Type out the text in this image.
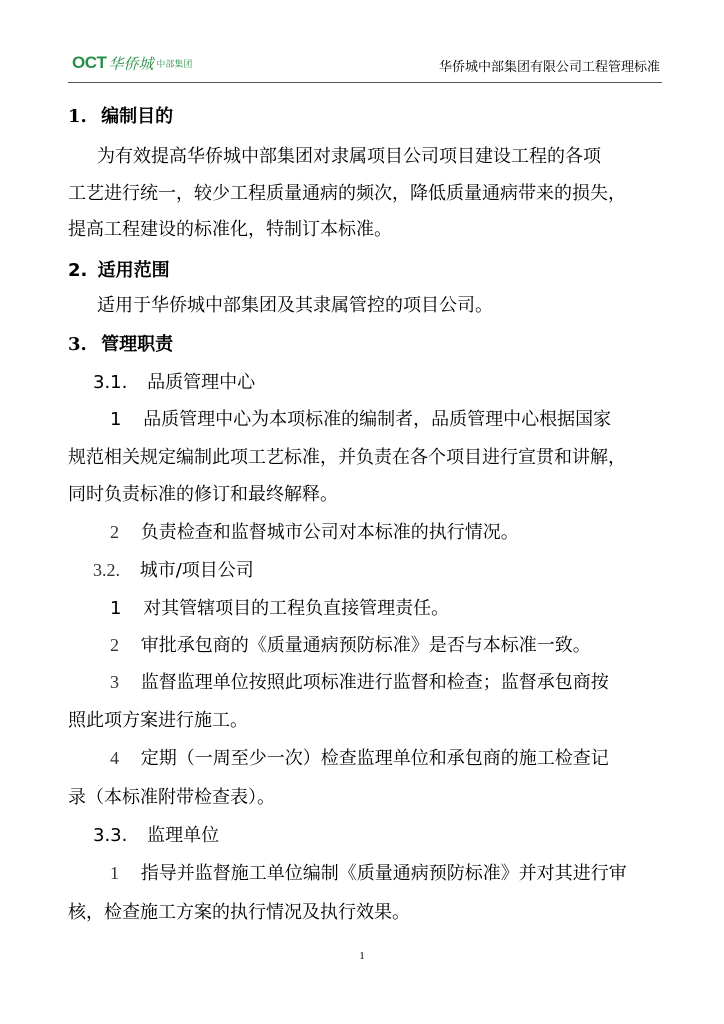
OCT 华侨城 中部集团	华侨城中部集团有限公司工程管理标准
1. 编制目的
为有效提高华侨城中部集团对隶属项目公司项目建设工程的各项
工艺进行统一，较少工程质量通病的频次，降低质量通病带来的损失，
提高工程建设的标准化，特制订本标准。
2. 适用范围
适用于华侨城中部集团及其隶属管控的项目公司。
3. 管理职责
3.1. 品质管理中心
1 品质管理中心为本项标准的编制者，品质管理中心根据国家
规范相关规定编制此项工艺标准，并负责在各个项目进行宣贯和讲解，
同时负责标准的修订和最终解释。
2 负责检查和监督城市公司对本标准的执行情况。
3.2. 城市/项目公司
1 对其管辖项目的工程负直接管理责任。
2 审批承包商的《质量通病预防标准》是否与本标准一致。
3 监督监理单位按照此项标准进行监督和检查；监督承包商按
照此项方案进行施工。
4 定期（一周至少一次）检查监理单位和承包商的施工检查记
录（本标准附带检查表）。
3.3. 监理单位
1 指导并监督施工单位编制《质量通病预防标准》并对其进行审
核，检查施工方案的执行情况及执行效果。
1
